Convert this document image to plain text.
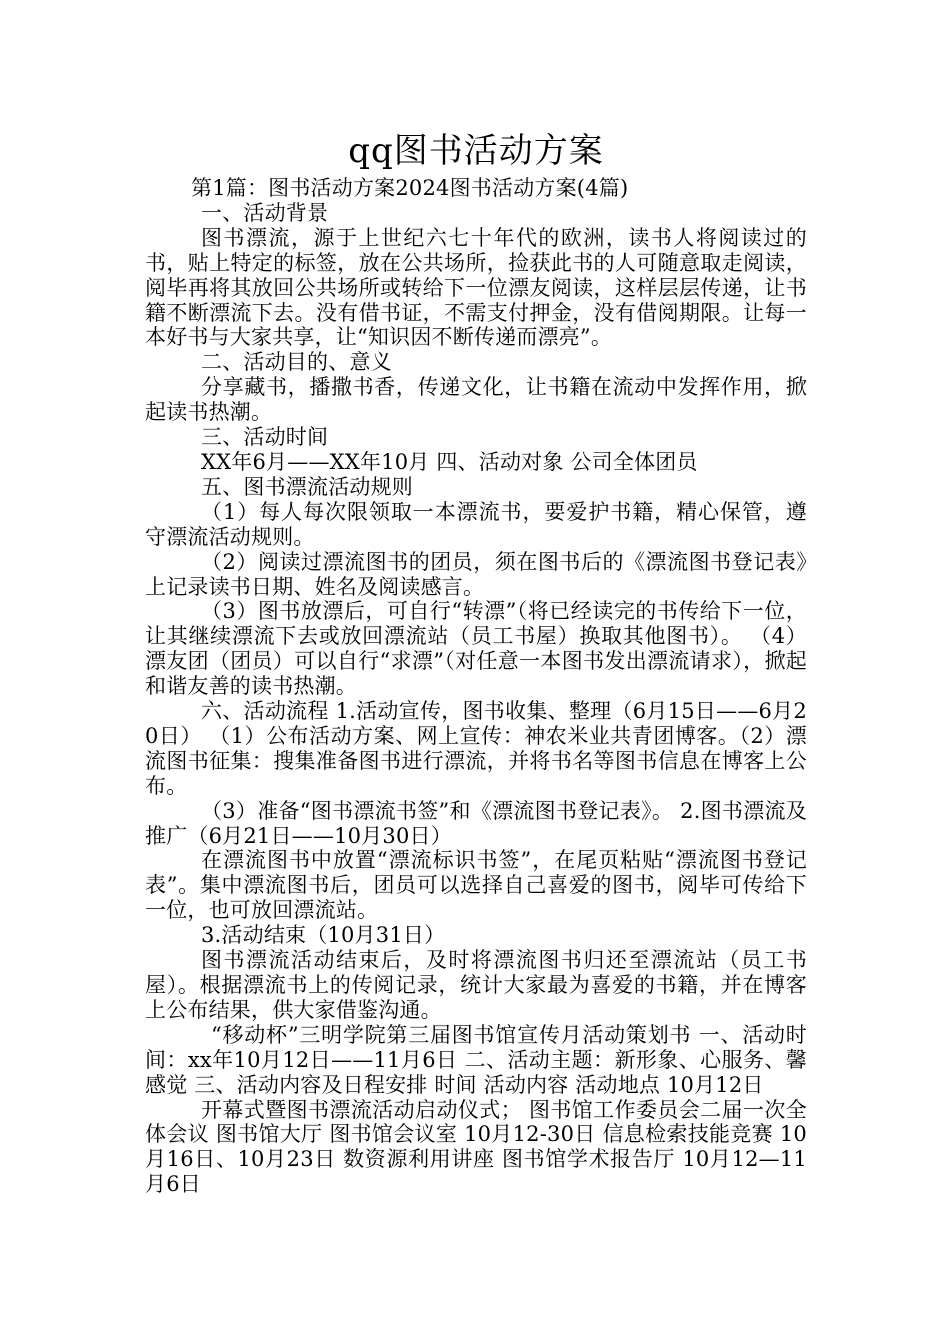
qq图书活动方案

第1篇：图书活动方案2024图书活动方案(4篇)

一、活动背景

图书漂流，源于上世纪六七十年代的欧洲，读书人将阅读过的书，贴上特定的标签，放在公共场所，捡获此书的人可随意取走阅读，阅毕再将其放回公共场所或转给下一位漂友阅读，这样层层传递，让书籍不断漂流下去。没有借书证，不需支付押金，没有借阅期限。让每一本好书与大家共享，让“知识因不断传递而漂亮”。

二、活动目的、意义

分享藏书，播撒书香，传递文化，让书籍在流动中发挥作用，掀起读书热潮。

三、活动时间

XX年6月——XX年10月 四、活动对象 公司全体团员

五、图书漂流活动规则

（1）每人每次限领取一本漂流书，要爱护书籍，精心保管，遵守漂流活动规则。

（2）阅读过漂流图书的团员，须在图书后的《漂流图书登记表》上记录读书日期、姓名及阅读感言。

（3）图书放漂后，可自行“转漂”（将已经读完的书传给下一位，让其继续漂流下去或放回漂流站（员工书屋）换取其他图书）。 （4）漂友团（团员）可以自行“求漂”（对任意一本图书发出漂流请求），掀起和谐友善的读书热潮。

六、活动流程 1.活动宣传，图书收集、整理（6月15日——6月20日） （1）公布活动方案、网上宣传：神农米业共青团博客。（2）漂流图书征集：搜集准备图书进行漂流，并将书名等图书信息在博客上公布。

（3）准备“图书漂流书签”和《漂流图书登记表》。 2.图书漂流及推广（6月21日——10月30日）

在漂流图书中放置“漂流标识书签”，在尾页粘贴“漂流图书登记表”。集中漂流图书后，团员可以选择自己喜爱的图书，阅毕可传给下一位，也可放回漂流站。

3.活动结束（10月31日）

图书漂流活动结束后，及时将漂流图书归还至漂流站（员工书屋）。根据漂流书上的传阅记录，统计大家最为喜爱的书籍，并在博客上公布结果，供大家借鉴沟通。

“移动杯”三明学院第三届图书馆宣传月活动策划书 一、活动时间：xx年10月12日——11月6日 二、活动主题：新形象、心服务、馨感觉 三、活动内容及日程安排 时间 活动内容 活动地点 10月12日

开幕式暨图书漂流活动启动仪式； 图书馆工作委员会二届一次全体会议 图书馆大厅 图书馆会议室 10月12-30日 信息检索技能竞赛 10月16日、10月23日 数资源利用讲座 图书馆学术报告厅 10月12—11月6日
